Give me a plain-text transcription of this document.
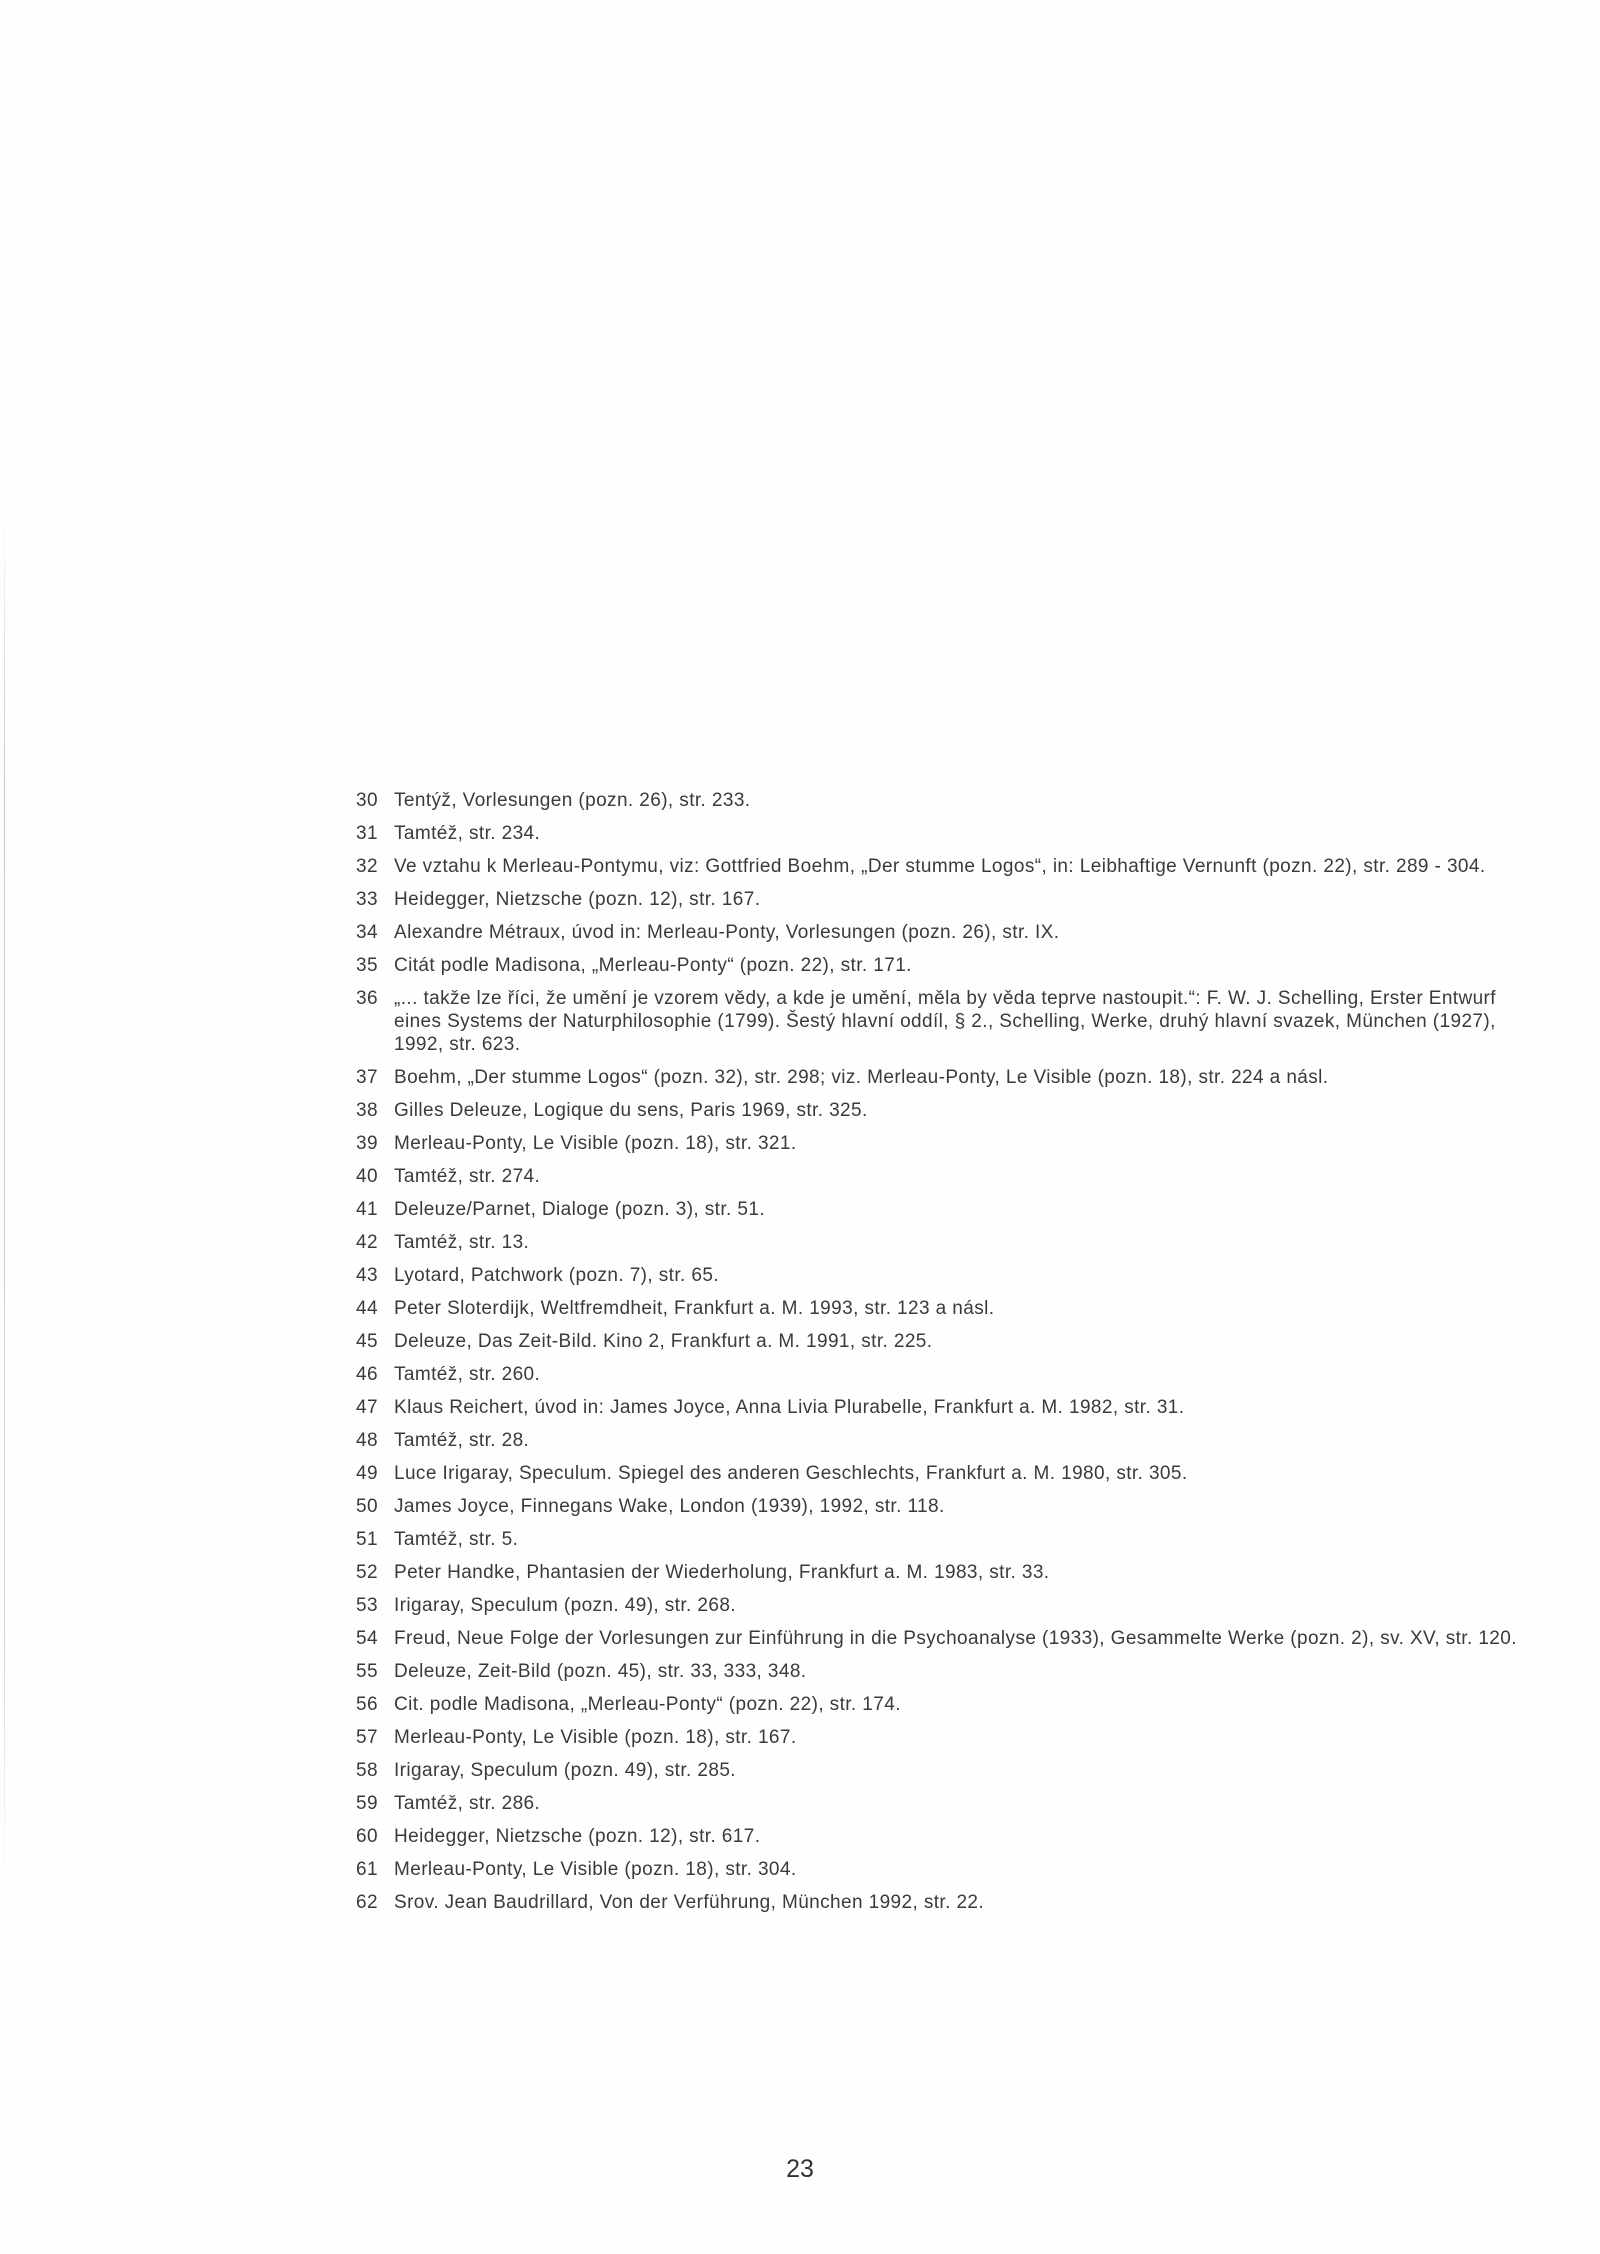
30 Tentýž, Vorlesungen (pozn. 26), str. 233.
31 Tamtéž, str. 234.
32 Ve vztahu k Merleau-Pontymu, viz: Gottfried Boehm, „Der stumme Logos“, in: Leibhaftige Vernunft (pozn. 22), str. 289 - 304.
33 Heidegger, Nietzsche (pozn. 12), str. 167.
34 Alexandre Métraux, úvod in: Merleau-Ponty, Vorlesungen (pozn. 26), str. IX.
35 Citát podle Madisona, „Merleau-Ponty“ (pozn. 22), str. 171.
36 „... takže lze říci, že umění je vzorem vědy, a kde je umění, měla by věda teprve nastoupit.“: F. W. J. Schelling, Erster Entwurf eines Systems der Naturphilosophie (1799). Šestý hlavní oddíl, § 2., Schelling, Werke, druhý hlavní svazek, München (1927), 1992, str. 623.
37 Boehm, „Der stumme Logos“ (pozn. 32), str. 298; viz. Merleau-Ponty, Le Visible (pozn. 18), str. 224 a násl.
38 Gilles Deleuze, Logique du sens, Paris 1969, str. 325.
39 Merleau-Ponty, Le Visible (pozn. 18), str. 321.
40 Tamtéž, str. 274.
41 Deleuze/Parnet, Dialoge (pozn. 3), str. 51.
42 Tamtéž, str. 13.
43 Lyotard, Patchwork (pozn. 7), str. 65.
44 Peter Sloterdijk, Weltfremdheit, Frankfurt a. M. 1993, str. 123 a násl.
45 Deleuze, Das Zeit-Bild. Kino 2, Frankfurt a. M. 1991, str. 225.
46 Tamtéž, str. 260.
47 Klaus Reichert, úvod in: James Joyce, Anna Livia Plurabelle, Frankfurt a. M. 1982, str. 31.
48 Tamtéž, str. 28.
49 Luce Irigaray, Speculum. Spiegel des anderen Geschlechts, Frankfurt a. M. 1980, str. 305.
50 James Joyce, Finnegans Wake, London (1939), 1992, str. 118.
51 Tamtéž, str. 5.
52 Peter Handke, Phantasien der Wiederholung, Frankfurt a. M. 1983, str. 33.
53 Irigaray, Speculum (pozn. 49), str. 268.
54 Freud, Neue Folge der Vorlesungen zur Einführung in die Psychoanalyse (1933), Gesammelte Werke (pozn. 2), sv. XV, str. 120.
55 Deleuze, Zeit-Bild (pozn. 45), str. 33, 333, 348.
56 Cit. podle Madisona, „Merleau-Ponty“ (pozn. 22), str. 174.
57 Merleau-Ponty, Le Visible (pozn. 18), str. 167.
58 Irigaray, Speculum (pozn. 49), str. 285.
59 Tamtéž, str. 286.
60 Heidegger, Nietzsche (pozn. 12), str. 617.
61 Merleau-Ponty, Le Visible (pozn. 18), str. 304.
62 Srov. Jean Baudrillard, Von der Verführung, München 1992, str. 22.
23
